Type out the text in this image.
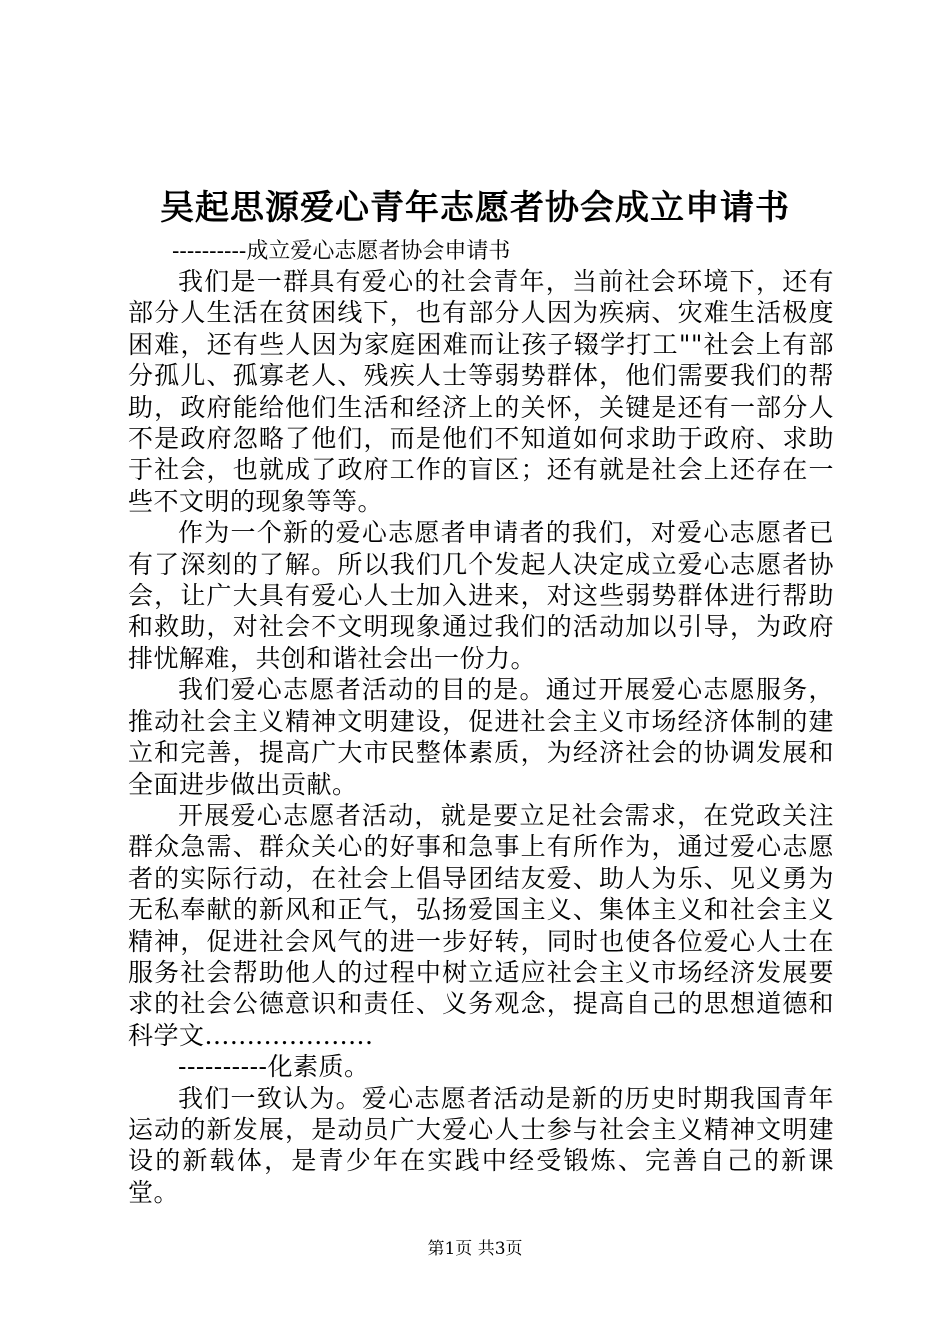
吴起思源爱心青年志愿者协会成立申请书
----------成立爱心志愿者协会申请书

我们是一群具有爱心的社会青年，当前社会环境下，还有部分人生活在贫困线下，也有部分人因为疾病、灾难生活极度困难，还有些人因为家庭困难而让孩子辍学打工""社会上有部分孤儿、孤寡老人、残疾人士等弱势群体，他们需要我们的帮助，政府能给他们生活和经济上的关怀，关键是还有一部分人不是政府忽略了他们，而是他们不知道如何求助于政府、求助于社会，也就成了政府工作的盲区；还有就是社会上还存在一些不文明的现象等等。

作为一个新的爱心志愿者申请者的我们，对爱心志愿者已有了深刻的了解。所以我们几个发起人决定成立爱心志愿者协会，让广大具有爱心人士加入进来，对这些弱势群体进行帮助和救助，对社会不文明现象通过我们的活动加以引导，为政府排忧解难，共创和谐社会出一份力。

我们爱心志愿者活动的目的是。通过开展爱心志愿服务，推动社会主义精神文明建设，促进社会主义市场经济体制的建立和完善，提高广大市民整体素质，为经济社会的协调发展和全面进步做出贡献。

开展爱心志愿者活动，就是要立足社会需求，在党政关注群众急需、群众关心的好事和急事上有所作为，通过爱心志愿者的实际行动，在社会上倡导团结友爱、助人为乐、见义勇为无私奉献的新风和正气，弘扬爱国主义、集体主义和社会主义精神，促进社会风气的进一步好转，同时也使各位爱心人士在服务社会帮助他人的过程中树立适应社会主义市场经济发展要求的社会公德意识和责任、义务观念，提高自己的思想道德和科学文....................

----------化素质。

我们一致认为。爱心志愿者活动是新的历史时期我国青年运动的新发展，是动员广大爱心人士参与社会主义精神文明建设的新载体，是青少年在实践中经受锻炼、完善自己的新课堂。

第1页 共3页
